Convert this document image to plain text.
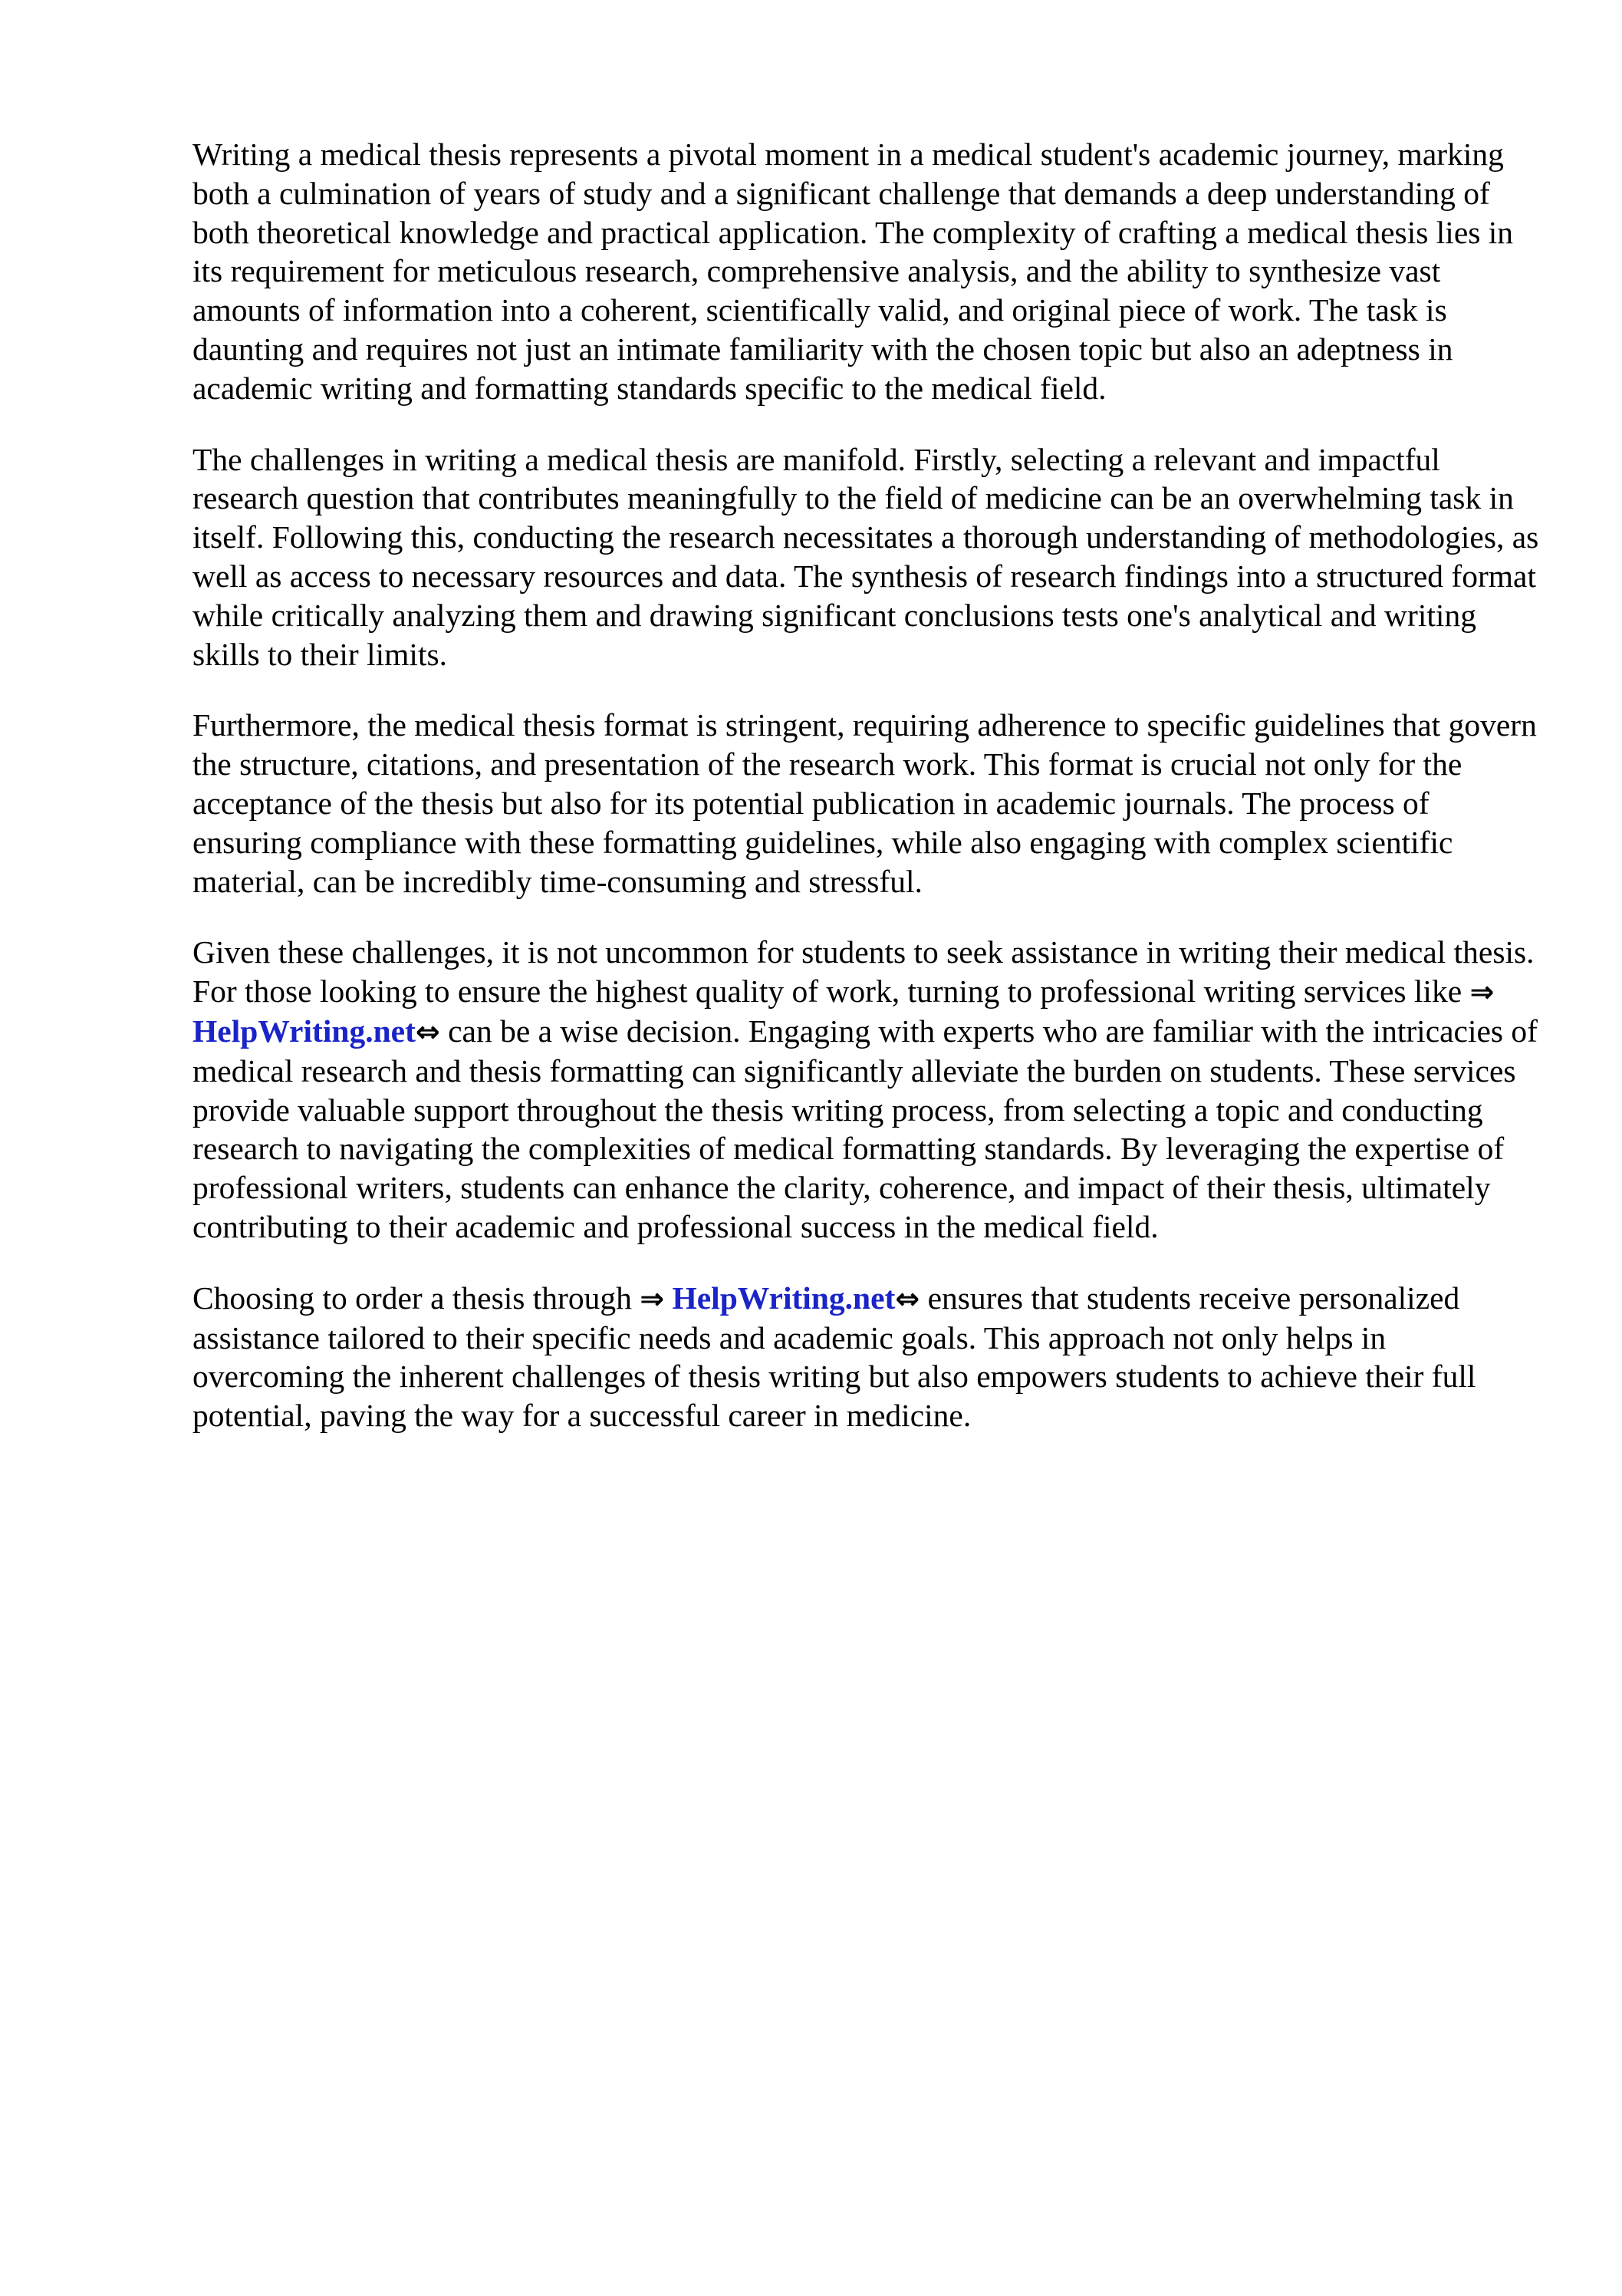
Writing a medical thesis represents a pivotal moment in a medical student's academic journey, marking both a culmination of years of study and a significant challenge that demands a deep understanding of both theoretical knowledge and practical application. The complexity of crafting a medical thesis lies in its requirement for meticulous research, comprehensive analysis, and the ability to synthesize vast amounts of information into a coherent, scientifically valid, and original piece of work. The task is daunting and requires not just an intimate familiarity with the chosen topic but also an adeptness in academic writing and formatting standards specific to the medical field.

The challenges in writing a medical thesis are manifold. Firstly, selecting a relevant and impactful research question that contributes meaningfully to the field of medicine can be an overwhelming task in itself. Following this, conducting the research necessitates a thorough understanding of methodologies, as well as access to necessary resources and data. The synthesis of research findings into a structured format while critically analyzing them and drawing significant conclusions tests one's analytical and writing skills to their limits.

Furthermore, the medical thesis format is stringent, requiring adherence to specific guidelines that govern the structure, citations, and presentation of the research work. This format is crucial not only for the acceptance of the thesis but also for its potential publication in academic journals. The process of ensuring compliance with these formatting guidelines, while also engaging with complex scientific material, can be incredibly time-consuming and stressful.

Given these challenges, it is not uncommon for students to seek assistance in writing their medical thesis. For those looking to ensure the highest quality of work, turning to professional writing services like ⇒ HelpWriting.net⇔ can be a wise decision. Engaging with experts who are familiar with the intricacies of medical research and thesis formatting can significantly alleviate the burden on students. These services provide valuable support throughout the thesis writing process, from selecting a topic and conducting research to navigating the complexities of medical formatting standards. By leveraging the expertise of professional writers, students can enhance the clarity, coherence, and impact of their thesis, ultimately contributing to their academic and professional success in the medical field.

Choosing to order a thesis through ⇒ HelpWriting.net⇔ ensures that students receive personalized assistance tailored to their specific needs and academic goals. This approach not only helps in overcoming the inherent challenges of thesis writing but also empowers students to achieve their full potential, paving the way for a successful career in medicine.
